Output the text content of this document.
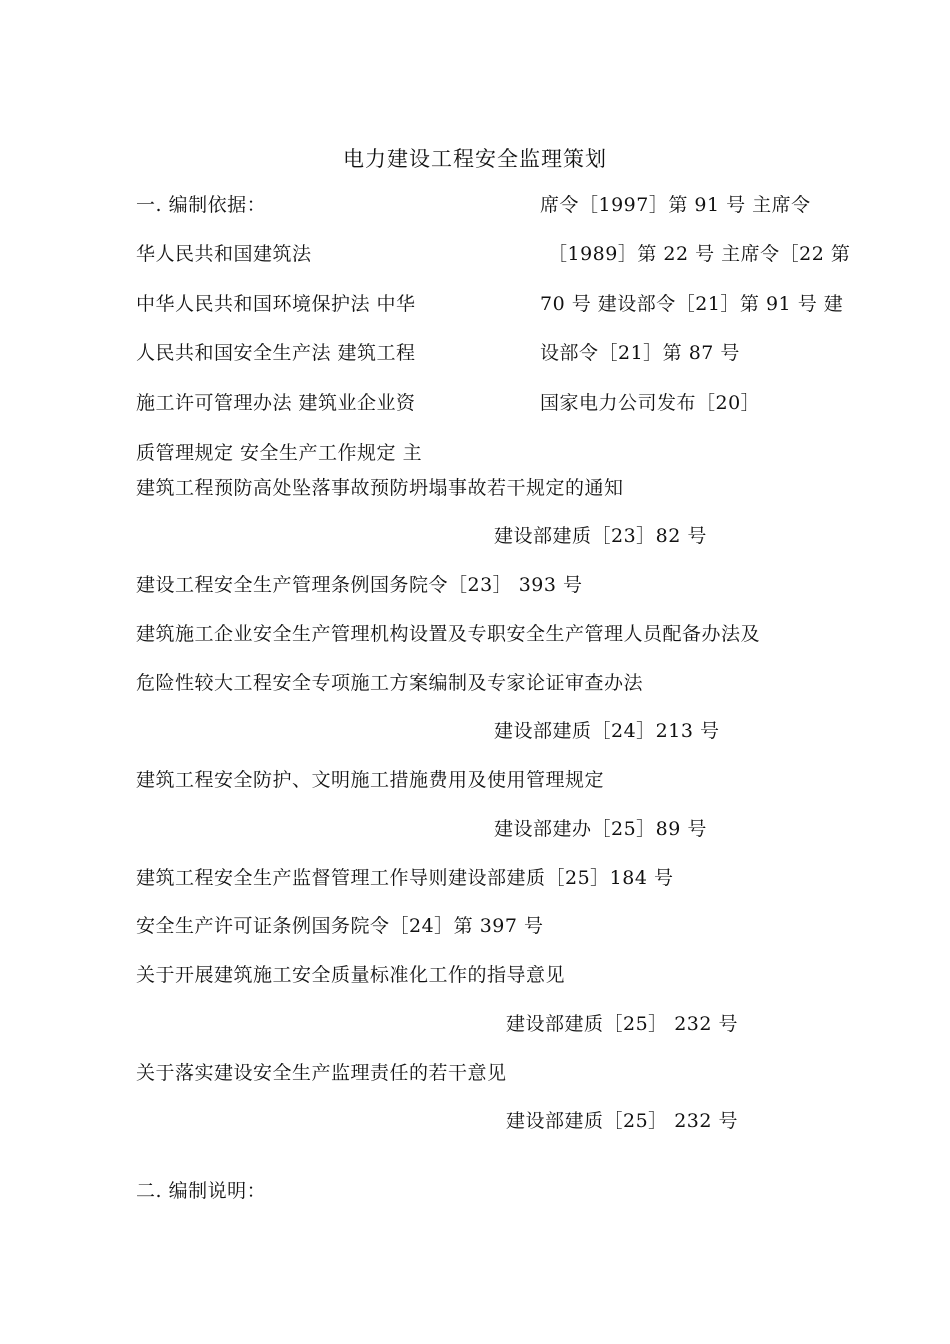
电力建设工程安全监理策划
一. 编制依据：	席令［1997］第 91 号 主席令
华人民共和国建筑法	［1989］第 22 号 主席令［22 第
中华人民共和国环境保护法 中华	70 号 建设部令［21］第 91 号 建
人民共和国安全生产法 建筑工程	设部令［21］第 87 号
施工许可管理办法 建筑业企业资	国家电力公司发布［20］
质管理规定 安全生产工作规定 主
建筑工程预防高处坠落事故预防坍塌事故若干规定的通知
建设部建质［23］82 号
建设工程安全生产管理条例国务院令［23］ 393 号
建筑施工企业安全生产管理机构设置及专职安全生产管理人员配备办法及
危险性较大工程安全专项施工方案编制及专家论证审查办法
建设部建质［24］213 号
建筑工程安全防护、文明施工措施费用及使用管理规定
建设部建办［25］89 号
建筑工程安全生产监督管理工作导则建设部建质［25］184 号
安全生产许可证条例国务院令［24］第 397 号
关于开展建筑施工安全质量标准化工作的指导意见
建设部建质［25］ 232 号
关于落实建设安全生产监理责任的若干意见
建设部建质［25］ 232 号
二. 编制说明：
